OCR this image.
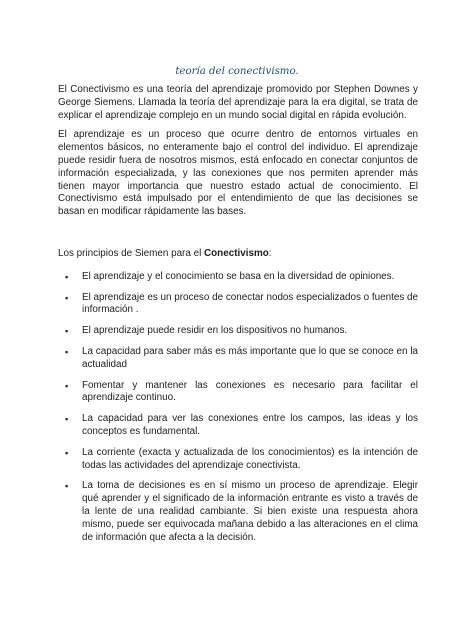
teoría del conectivismo.

El Conectivismo es una teoría del aprendizaje promovido por Stephen Downes y George Siemens. Llamada la teoría del aprendizaje para la era digital, se trata de explicar el aprendizaje complejo en un mundo social digital en rápida evolución.

El aprendizaje es un proceso que ocurre dentro de entornos virtuales en elementos básicos, no enteramente bajo el control del individuo. El aprendizaje puede residir fuera de nosotros mismos, está enfocado en conectar conjuntos de información especializada, y las conexiones que nos permiten aprender más tienen mayor importancia que nuestro estado actual de conocimiento. El Conectivismo está impulsado por el entendimiento de que las decisiones se basan en modificar rápidamente las bases.

Los principios de Siemen para el Conectivismo:

▪ El aprendizaje y el conocimiento se basa en la diversidad de opiniones.
▪ El aprendizaje es un proceso de conectar nodos especializados o fuentes de información .
▪ El aprendizaje puede residir en los dispositivos no humanos.
▪ La capacidad para saber más es más importante que lo que se conoce en la actualidad
▪ Fomentar y mantener las conexiones es necesario para facilitar el aprendizaje continuo.
▪ La capacidad para ver las conexiones entre los campos, las ideas y los conceptos es fundamental.
▪ La corriente (exacta y actualizada de los conocimientos) es la intención de todas las actividades del aprendizaje conectivista.
▪ La toma de decisiones es en sí mismo un proceso de aprendizaje. Elegir qué aprender y el significado de la información entrante es visto a través de la lente de una realidad cambiante. Si bien existe una respuesta ahora mismo, puede ser equivocada mañana debido a las alteraciones en el clima de información que afecta a la decisión.
